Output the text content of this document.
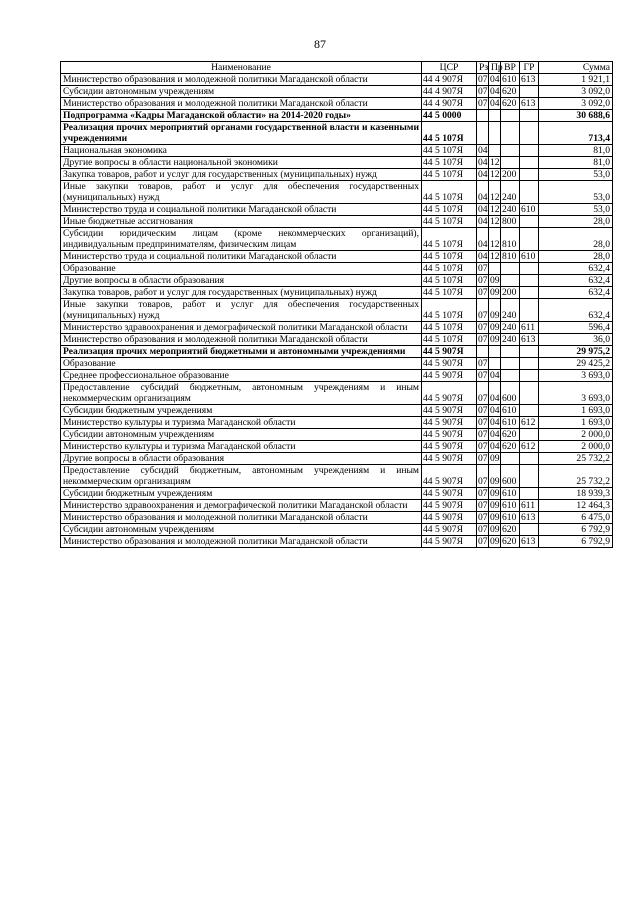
87
Наименование	ЦСР	Рз	Пр	ВР	ГР	Сумма
Министерство образования и молодежной политики Магаданской области	44 4 907Я	07	04	610	613	1 921,1
Субсидии автономным учреждениям	44 4 907Я	07	04	620		3 092,0
Министерство образования и молодежной политики Магаданской области	44 4 907Я	07	04	620	613	3 092,0
Подпрограмма «Кадры Магаданской области» на 2014-2020 годы»	44 5 0000					30 688,6
Реализация прочих мероприятий органами государственной власти и казенными учреждениями	44 5 107Я					713,4
Национальная экономика	44 5 107Я	04				81,0
Другие вопросы в области национальной экономики	44 5 107Я	04	12			81,0
Закупка товаров, работ и услуг для государственных (муниципальных) нужд	44 5 107Я	04	12	200		53,0
Иные закупки товаров, работ и услуг для обеспечения государственных (муниципальных) нужд	44 5 107Я	04	12	240		53,0
Министерство труда и социальной политики Магаданской области	44 5 107Я	04	12	240	610	53,0
Иные бюджетные ассигнования	44 5 107Я	04	12	800		28,0
Субсидии юридическим лицам (кроме некоммерческих организаций), индивидуальным предпринимателям, физическим лицам	44 5 107Я	04	12	810		28,0
Министерство труда и социальной политики Магаданской области	44 5 107Я	04	12	810	610	28,0
Образование	44 5 107Я	07				632,4
Другие вопросы в области образования	44 5 107Я	07	09			632,4
Закупка товаров, работ и услуг для государственных (муниципальных) нужд	44 5 107Я	07	09	200		632,4
Иные закупки товаров, работ и услуг для обеспечения государственных (муниципальных) нужд	44 5 107Я	07	09	240		632,4
Министерство здравоохранения и демографической политики Магаданской области	44 5 107Я	07	09	240	611	596,4
Министерство образования и молодежной политики Магаданской области	44 5 107Я	07	09	240	613	36,0
Реализация прочих мероприятий бюджетными и автономными учреждениями	44 5 907Я					29 975,2
Образование	44 5 907Я	07				29 425,2
Среднее профессиональное образование	44 5 907Я	07	04			3 693,0
Предоставление субсидий бюджетным, автономным учреждениям и иным некоммерческим организациям	44 5 907Я	07	04	600		3 693,0
Субсидии бюджетным учреждениям	44 5 907Я	07	04	610		1 693,0
Министерство культуры и туризма Магаданской области	44 5 907Я	07	04	610	612	1 693,0
Субсидии автономным учреждениям	44 5 907Я	07	04	620		2 000,0
Министерство культуры и туризма Магаданской области	44 5 907Я	07	04	620	612	2 000,0
Другие вопросы в области образования	44 5 907Я	07	09			25 732,2
Предоставление субсидий бюджетным, автономным учреждениям и иным некоммерческим организациям	44 5 907Я	07	09	600		25 732,2
Субсидии бюджетным учреждениям	44 5 907Я	07	09	610		18 939,3
Министерство здравоохранения и демографической политики Магаданской области	44 5 907Я	07	09	610	611	12 464,3
Министерство образования и молодежной политики Магаданской области	44 5 907Я	07	09	610	613	6 475,0
Субсидии автономным учреждениям	44 5 907Я	07	09	620		6 792,9
Министерство образования и молодежной политики Магаданской области	44 5 907Я	07	09	620	613	6 792,9
